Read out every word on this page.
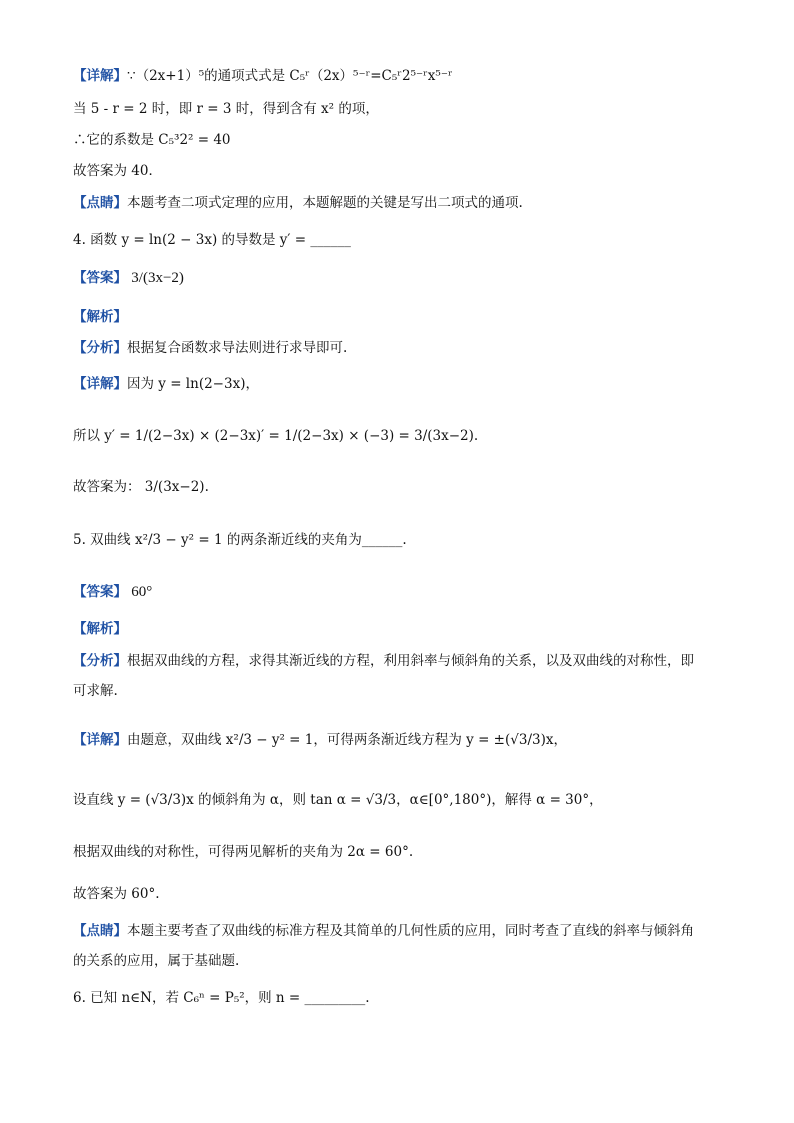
【详解】∵（2x+1）⁵的通项式式是 C₅ʳ（2x）⁵⁻ʳ=C₅ʳ2⁵⁻ʳx⁵⁻ʳ
当 5 - r = 2 时，即 r = 3 时，得到含有 x² 的项，
∴它的系数是 C₅³2² = 40
故答案为 40．
【点睛】本题考查二项式定理的应用，本题解题的关键是写出二项式的通项.
4. 函数 y = ln(2 − 3x) 的导数是 y′ = ______
【答案】 3/(3x−2)
【解析】
【分析】根据复合函数求导法则进行求导即可.
【详解】因为 y = ln(2−3x)，
所以 y′ = 1/(2−3x) × (2−3x)′ = 1/(2−3x) × (−3) = 3/(3x−2).
故答案为： 3/(3x−2).
5. 双曲线 x²/3 − y² = 1 的两条渐近线的夹角为______.
【答案】 60°
【解析】
【分析】根据双曲线的方程，求得其渐近线的方程，利用斜率与倾斜角的关系，以及双曲线的对称性，即
可求解.
【详解】由题意，双曲线 x²/3 − y² = 1，可得两条渐近线方程为 y = ±(√3/3)x，
设直线 y = (√3/3)x 的倾斜角为 α，则 tan α = √3/3，α∈[0°,180°)，解得 α = 30°，
根据双曲线的对称性，可得两见解析的夹角为 2α = 60°.
故答案为 60°.
【点睛】本题主要考查了双曲线的标准方程及其简单的几何性质的应用，同时考查了直线的斜率与倾斜角
的关系的应用，属于基础题.
6. 已知 n∈N，若 C₆ⁿ = P₅²，则 n = _________.
